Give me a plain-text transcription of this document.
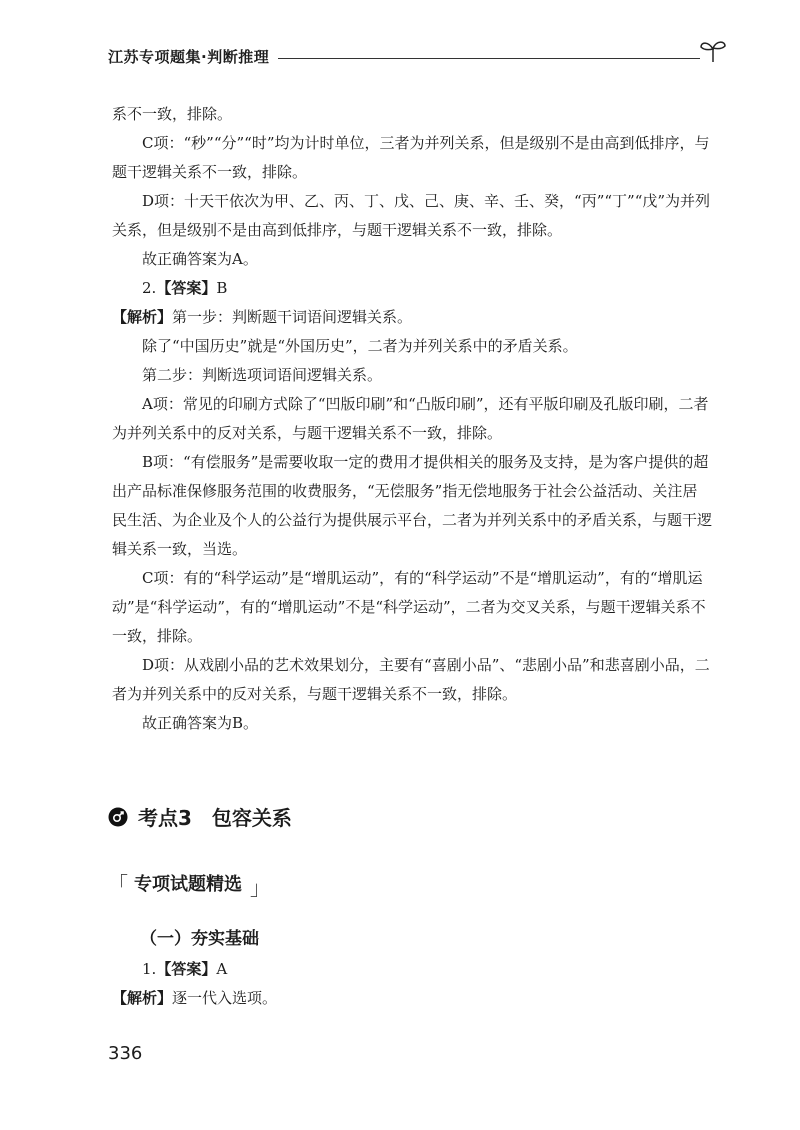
江苏专项题集·判断推理

系不一致，排除。

C项：“秒”“分”“时”均为计时单位，三者为并列关系，但是级别不是由高到低排序，与题干逻辑关系不一致，排除。

D项：十天干依次为甲、乙、丙、丁、戊、己、庚、辛、壬、癸，“丙”“丁”“戊”为并列关系，但是级别不是由高到低排序，与题干逻辑关系不一致，排除。

故正确答案为A。

2.【答案】B

【解析】第一步：判断题干词语间逻辑关系。

除了“中国历史”就是“外国历史”，二者为并列关系中的矛盾关系。

第二步：判断选项词语间逻辑关系。

A项：常见的印刷方式除了“凹版印刷”和“凸版印刷”，还有平版印刷及孔版印刷，二者为并列关系中的反对关系，与题干逻辑关系不一致，排除。

B项：“有偿服务”是需要收取一定的费用才提供相关的服务及支持，是为客户提供的超出产品标准保修服务范围的收费服务，“无偿服务”指无偿地服务于社会公益活动、关注居民生活、为企业及个人的公益行为提供展示平台，二者为并列关系中的矛盾关系，与题干逻辑关系一致，当选。

C项：有的“科学运动”是“增肌运动”，有的“科学运动”不是“增肌运动”，有的“增肌运动”是“科学运动”，有的“增肌运动”不是“科学运动”，二者为交叉关系，与题干逻辑关系不一致，排除。

D项：从戏剧小品的艺术效果划分，主要有“喜剧小品”、“悲剧小品”和悲喜剧小品，二者为并列关系中的反对关系，与题干逻辑关系不一致，排除。

故正确答案为B。

考点3 包容关系
「 专项试题精选 」
（一）夯实基础

1.【答案】A

【解析】逐一代入选项。

336
